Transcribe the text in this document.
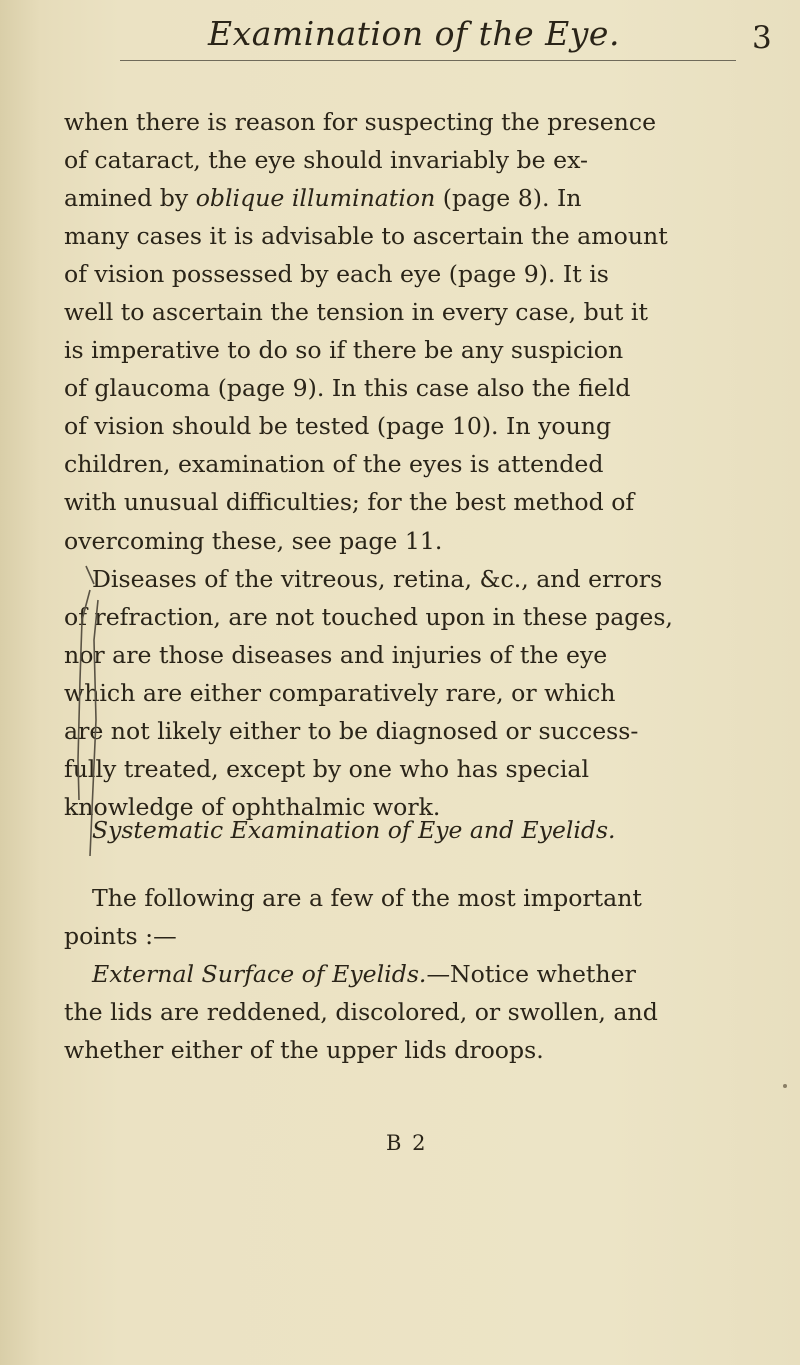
Examination of the Eye.	3
when there is reason for suspecting the presence
of cataract, the eye should invariably be ex-
amined by oblique illumination (page 8). In
many cases it is advisable to ascertain the amount
of vision possessed by each eye (page 9). It is
well to ascertain the tension in every case, but it
is imperative to do so if there be any suspicion
of glaucoma (page 9). In this case also the field
of vision should be tested (page 10). In young
children, examination of the eyes is attended
with unusual difficulties; for the best method of
overcoming these, see page 11.
Diseases of the vitreous, retina, &c., and errors
of refraction, are not touched upon in these pages,
nor are those diseases and injuries of the eye
which are either comparatively rare, or which
are not likely either to be diagnosed or success-
fully treated, except by one who has special
knowledge of ophthalmic work.
Systematic Examination of Eye and Eyelids.
The following are a few of the most important
points :—
External Surface of Eyelids.—Notice whether
the lids are reddened, discolored, or swollen, and
whether either of the upper lids droops.
B 2
